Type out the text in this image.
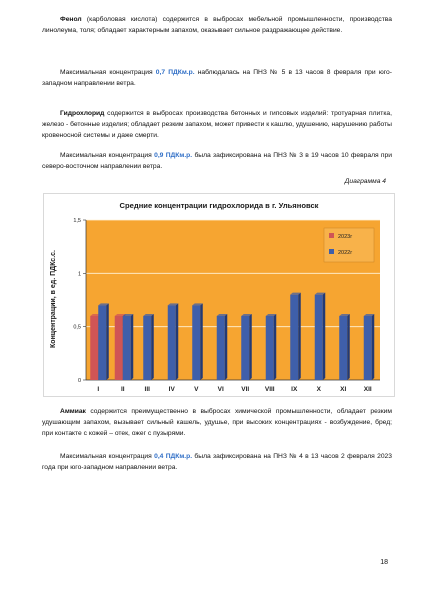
Фенол (карболовая кислота) содержится в выбросах мебельной промышленности, производства линолеума, толя; обладает характерным запахом, оказывает сильное раздражающее действие.

Максимальная концентрация 0,7 ПДКм.р. наблюдалась на ПНЗ № 5 в 13 часов 8 февраля при юго-западном направлении ветра.

Гидрохлорид содержится в выбросах производства бетонных и гипсовых изделий: тротуарная плитка, железо - бетонные изделия; обладает резким запахом, может привести к кашлю, удушению, нарушению работы кровеносной системы и даже смерти.

Максимальная концентрация 0,9 ПДКм.р. была зафиксирована на ПНЗ № 3 в 19 часов 10 февраля при северо-восточном направлении ветра.

Диаграмма 4
Средние концентрации гидрохлорида в г. Ульяновск
Концентрации, в ед. ПДКс.с.
0
0,5
1
1,5
I	II	III	IV	V	VI	VII VIII	IX	X	XI	XII
2023г
2022г

Аммиак содержится преимущественно в выбросах химической промышленности, обладает резким удушающим запахом, вызывает сильный кашель, удушье, при высоких концентрациях - возбуждение, бред; при контакте с кожей – отек, ожег с пузырями.

Максимальная концентрация 0,4 ПДКм.р. была зафиксирована на ПНЗ № 4 в 13 часов 2 февраля 2023 года при юго-западном направлении ветра.

18
